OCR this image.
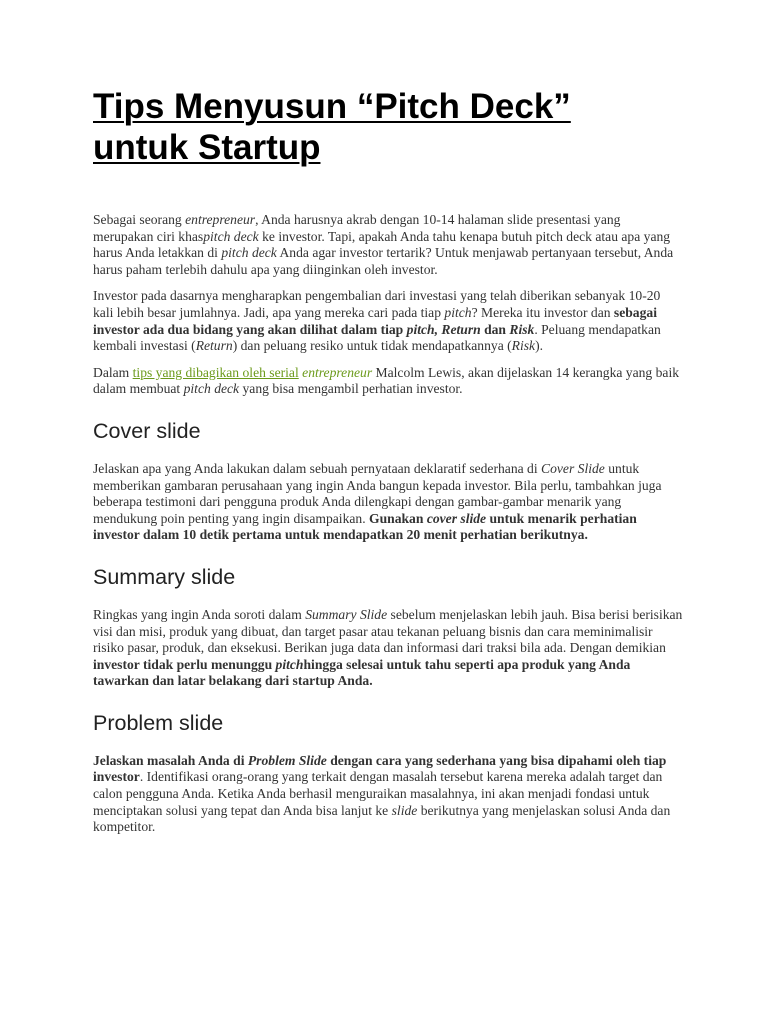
Tips Menyusun “Pitch Deck”
untuk Startup

Sebagai seorang entrepreneur, Anda harusnya akrab dengan 10-14 halaman slide presentasi yang merupakan ciri khaspitch deck ke investor. Tapi, apakah Anda tahu kenapa butuh pitch deck atau apa yang harus Anda letakkan di pitch deck Anda agar investor tertarik? Untuk menjawab pertanyaan tersebut, Anda harus paham terlebih dahulu apa yang diinginkan oleh investor.

Investor pada dasarnya mengharapkan pengembalian dari investasi yang telah diberikan sebanyak 10-20 kali lebih besar jumlahnya. Jadi, apa yang mereka cari pada tiap pitch? Mereka itu investor dan sebagai investor ada dua bidang yang akan dilihat dalam tiap pitch, Return dan Risk. Peluang mendapatkan kembali investasi (Return) dan peluang resiko untuk tidak mendapatkannya (Risk).

Dalam tips yang dibagikan oleh serial entrepreneur Malcolm Lewis, akan dijelaskan 14 kerangka yang baik dalam membuat pitch deck yang bisa mengambil perhatian investor.

Cover slide

Jelaskan apa yang Anda lakukan dalam sebuah pernyataan deklaratif sederhana di Cover Slide untuk memberikan gambaran perusahaan yang ingin Anda bangun kepada investor. Bila perlu, tambahkan juga beberapa testimoni dari pengguna produk Anda dilengkapi dengan gambar-gambar menarik yang mendukung poin penting yang ingin disampaikan. Gunakan cover slide untuk menarik perhatian investor dalam 10 detik pertama untuk mendapatkan 20 menit perhatian berikutnya.

Summary slide

Ringkas yang ingin Anda soroti dalam Summary Slide sebelum menjelaskan lebih jauh. Bisa berisi berisikan visi dan misi, produk yang dibuat, dan target pasar atau tekanan peluang bisnis dan cara meminimalisir risiko pasar, produk, dan eksekusi. Berikan juga data dan informasi dari traksi bila ada. Dengan demikian investor tidak perlu menunggu pitchhingga selesai untuk tahu seperti apa produk yang Anda tawarkan dan latar belakang dari startup Anda.

Problem slide

Jelaskan masalah Anda di Problem Slide dengan cara yang sederhana yang bisa dipahami oleh tiap investor. Identifikasi orang-orang yang terkait dengan masalah tersebut karena mereka adalah target dan calon pengguna Anda. Ketika Anda berhasil menguraikan masalahnya, ini akan menjadi fondasi untuk menciptakan solusi yang tepat dan Anda bisa lanjut ke slide berikutnya yang menjelaskan solusi Anda dan kompetitor.
